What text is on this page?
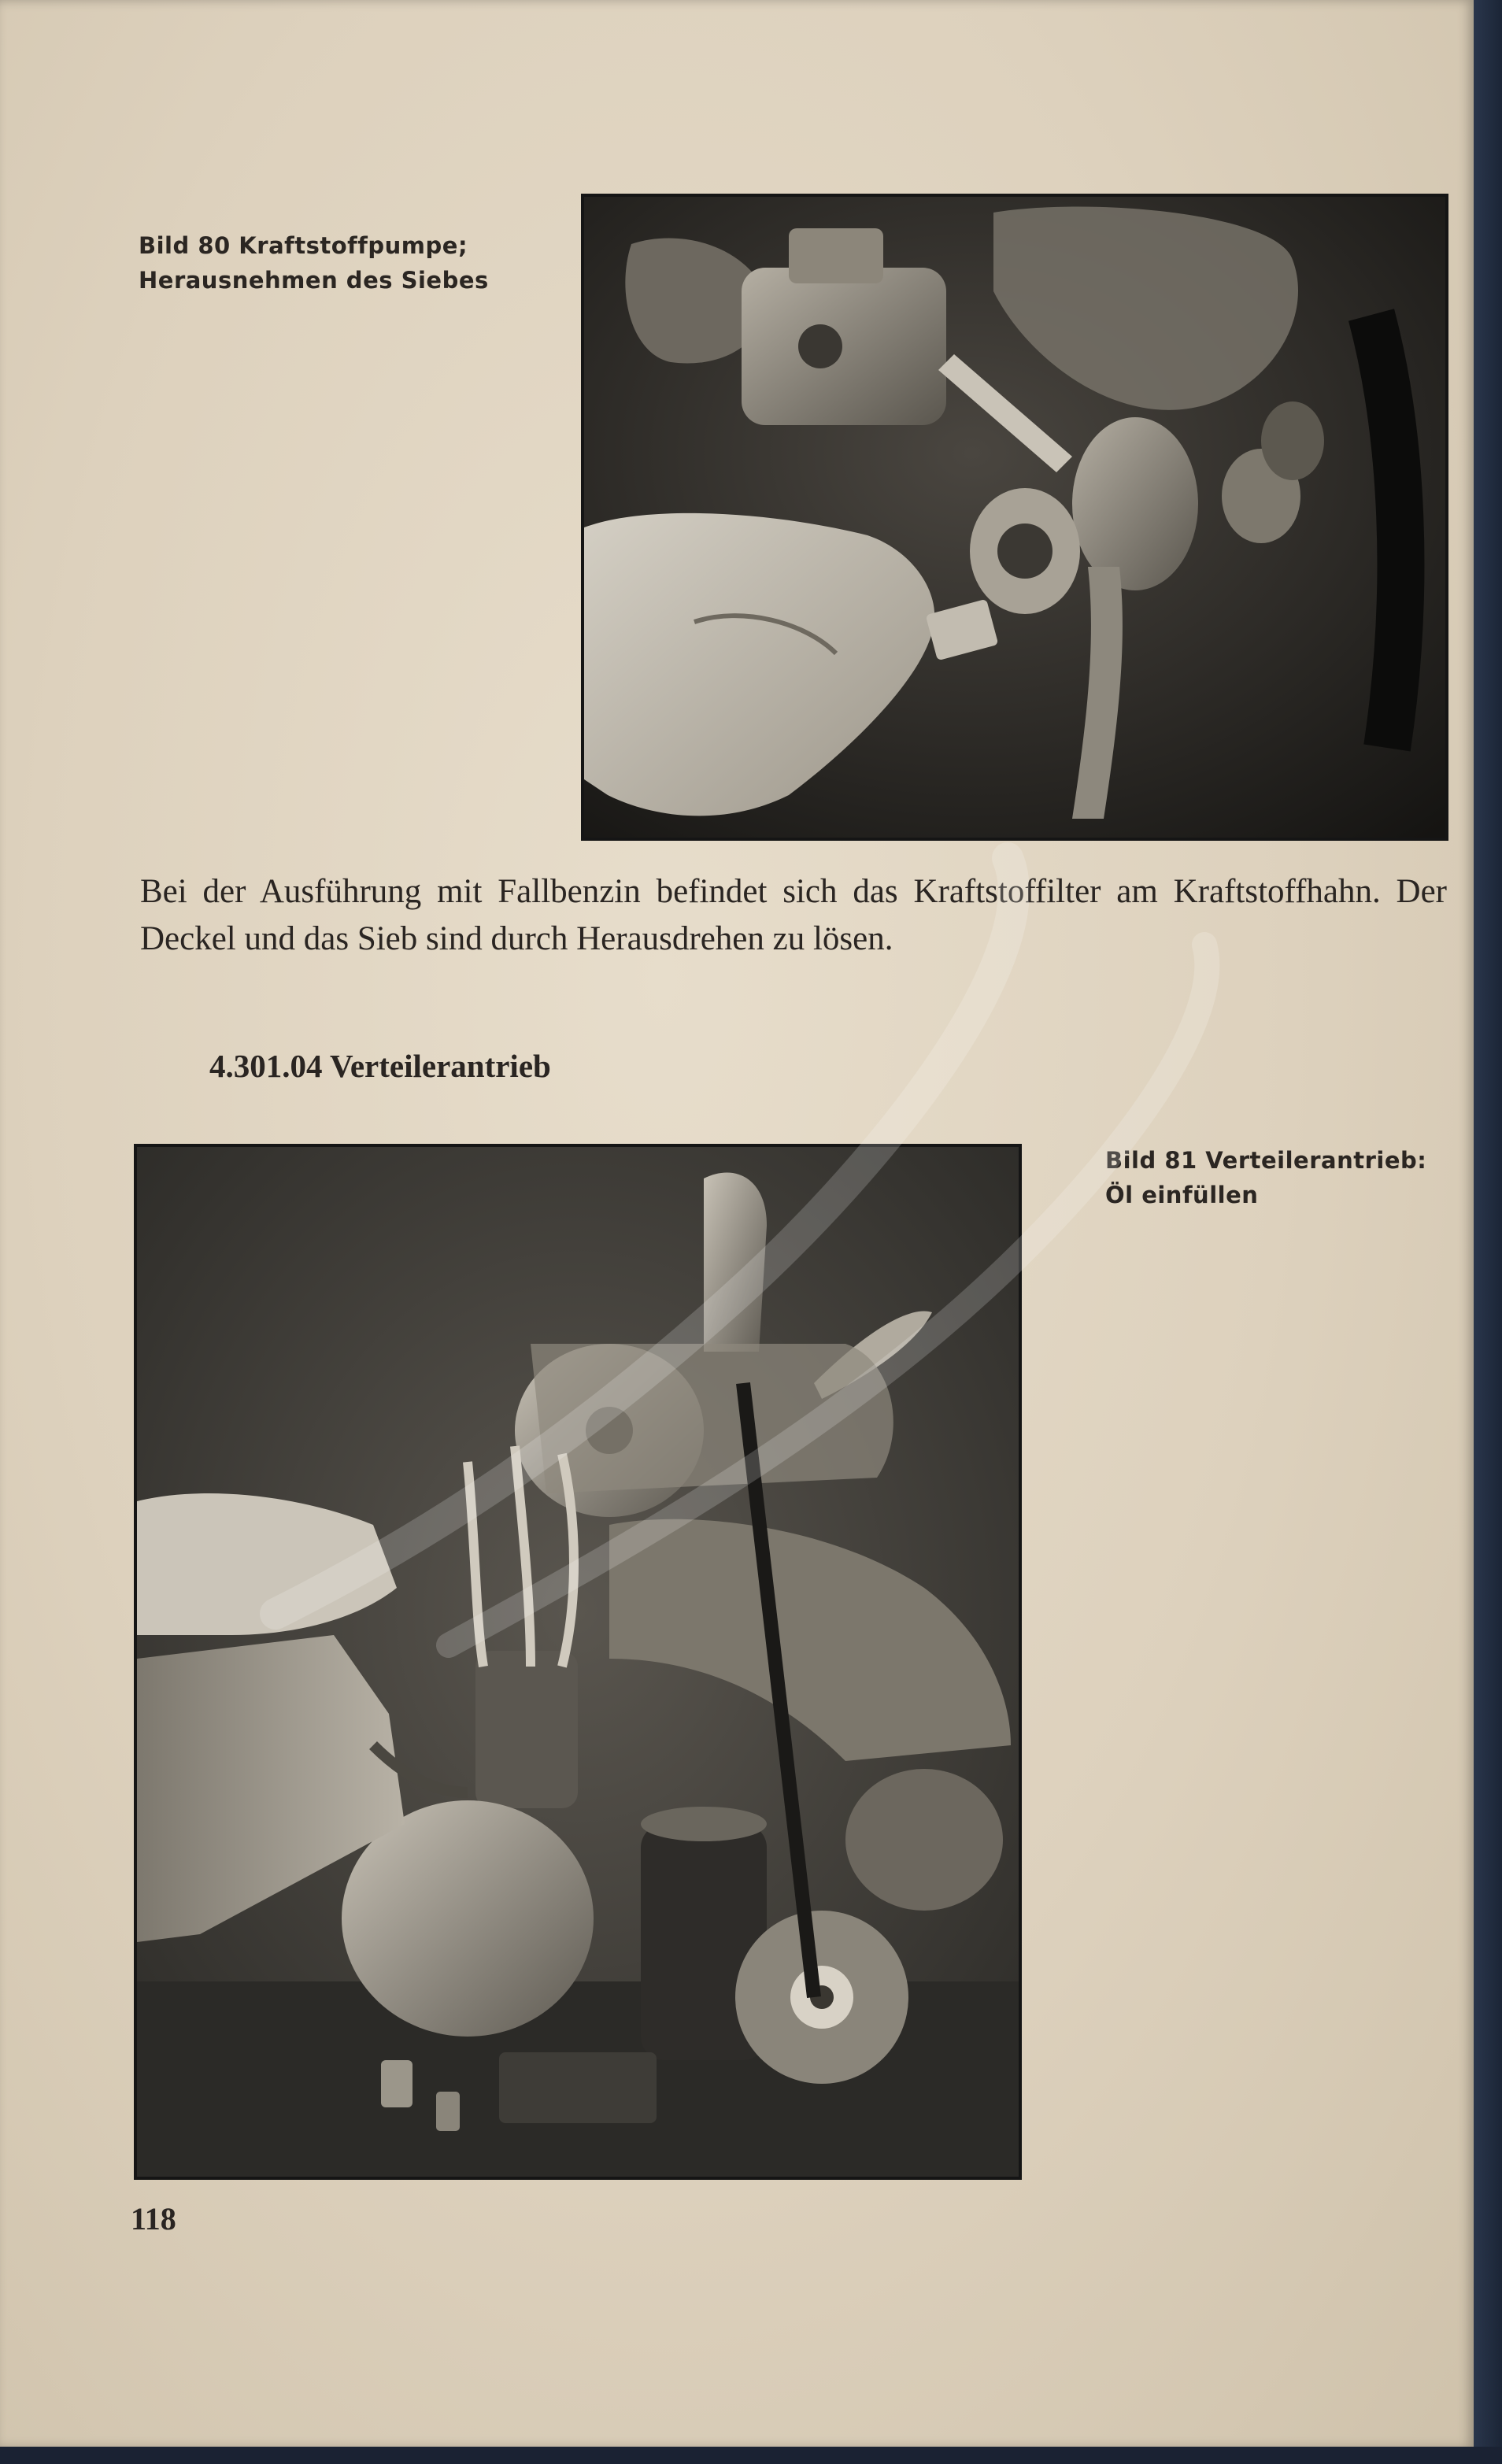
Bild 80 Kraftstoffpumpe;
Herausnehmen des Siebes
Bei der Ausführung mit Fallbenzin befindet sich das Kraftstoffilter am Kraftstoffhahn. Der Deckel und das Sieb sind durch Herausdrehen zu lösen.
4.301.04 Verteilerantrieb
Bild 81 Verteilerantrieb:
Öl einfüllen
118
